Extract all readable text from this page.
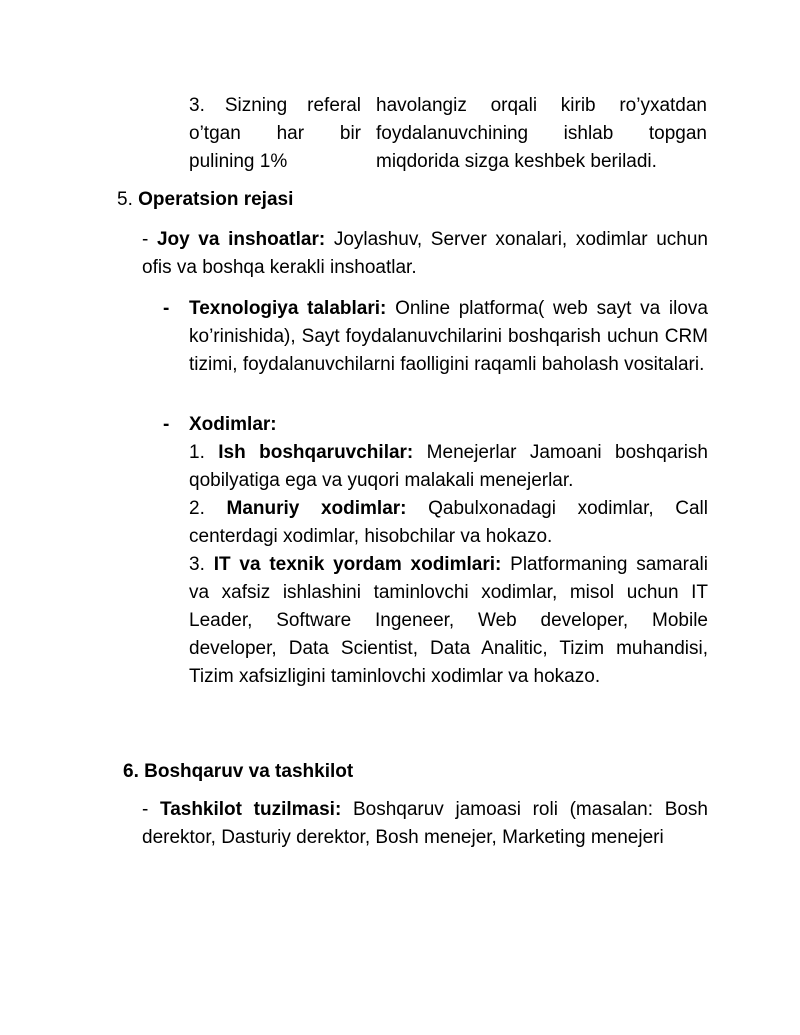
3. Sizning referal o’tgan har bir pulining 1%

havolangiz orqali kirib ro’yxatdan foydalanuvchining ishlab topgan miqdorida sizga keshbek beriladi.

5. Operatsion rejasi

- Joy va inshoatlar: Joylashuv, Server xonalari, xodimlar uchun ofis va boshqa kerakli inshoatlar.

- Texnologiya talablari: Online platforma( web sayt va ilova ko’rinishida), Sayt foydalanuvchilarini boshqarish uchun CRM tizimi, foydalanuvchilarni faolligini raqamli baholash vositalari.

- Xodimlar:

1. Ish boshqaruvchilar: Menejerlar Jamoani boshqarish qobilyatiga ega va yuqori malakali menejerlar.

2. Manuriy xodimlar: Qabulxonadagi xodimlar, Call centerdagi xodimlar, hisobchilar va hokazo.

3. IT va texnik yordam xodimlari: Platformaning samarali va xafsiz ishlashini taminlovchi xodimlar, misol uchun IT Leader, Software Ingeneer, Web developer, Mobile developer, Data Scientist, Data Analitic, Tizim muhandisi, Tizim xafsizligini taminlovchi xodimlar va hokazo.

6. Boshqaruv va tashkilot

- Tashkilot tuzilmasi: Boshqaruv jamoasi roli (masalan: Bosh derektor, Dasturiy derektor, Bosh menejer, Marketing menejeri
